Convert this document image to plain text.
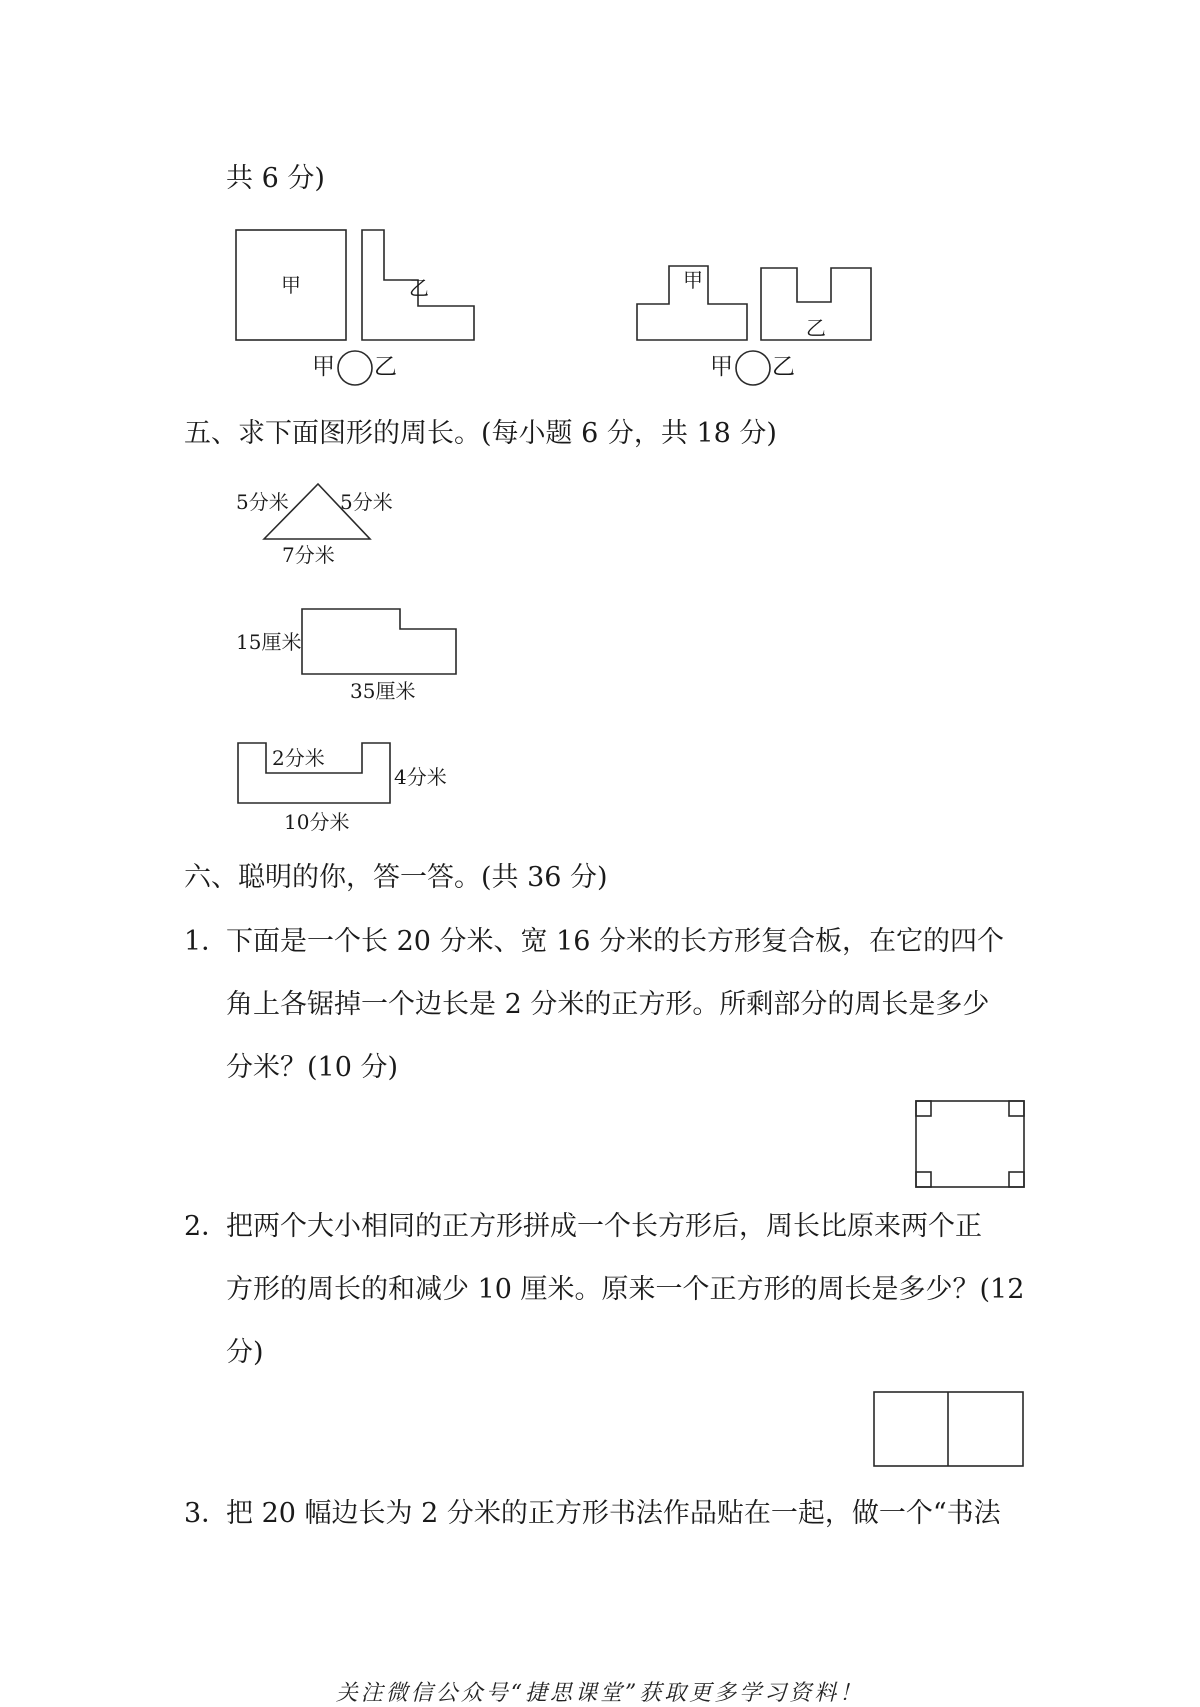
共 6 分)
甲	乙
甲 乙
甲
乙
甲 乙
五、求下面图形的周长。(每小题 6 分，共 18 分)
5分米	5分米
7分米
15厘米
35厘米
2分米
4分米
10分米
六、聪明的你，答一答。(共 36 分)
1．
下面是一个长 20 分米、宽 16 分米的长方形复合板，在它的四个
角上各锯掉一个边长是 2 分米的正方形。所剩部分的周长是多少
分米？(10 分)
2．
把两个大小相同的正方形拼成一个长方形后，周长比原来两个正
方形的周长的和减少 10 厘米。原来一个正方形的周长是多少？(12
分)
3．
把 20 幅边长为 2 分米的正方形书法作品贴在一起，做一个“书法
关注微信公众号“捷思课堂”获取更多学习资料！
